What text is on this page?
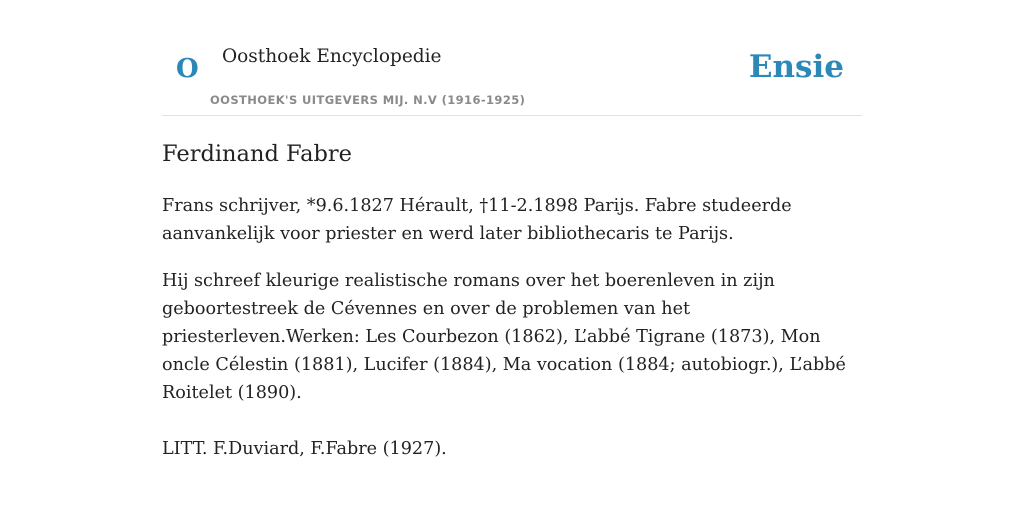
O Oosthoek Encyclopedie
OOSTHOEK'S UITGEVERS MIJ. N.V (1916-1925)
Ensie
Ferdinand Fabre

Frans schrijver, *9.6.1827 Hérault, †11-2.1898 Parijs. Fabre studeerde aanvankelijk voor priester en werd later bibliothecaris te Parijs.

Hij schreef kleurige realistische romans over het boerenleven in zijn geboortestreek de Cévennes en over de problemen van het priesterleven.Werken: Les Courbezon (1862), L’abbé Tigrane (1873), Mon oncle Célestin (1881), Lucifer (1884), Ma vocation (1884; autobiogr.), L’abbé Roitelet (1890).

LITT. F.Duviard, F.Fabre (1927).
